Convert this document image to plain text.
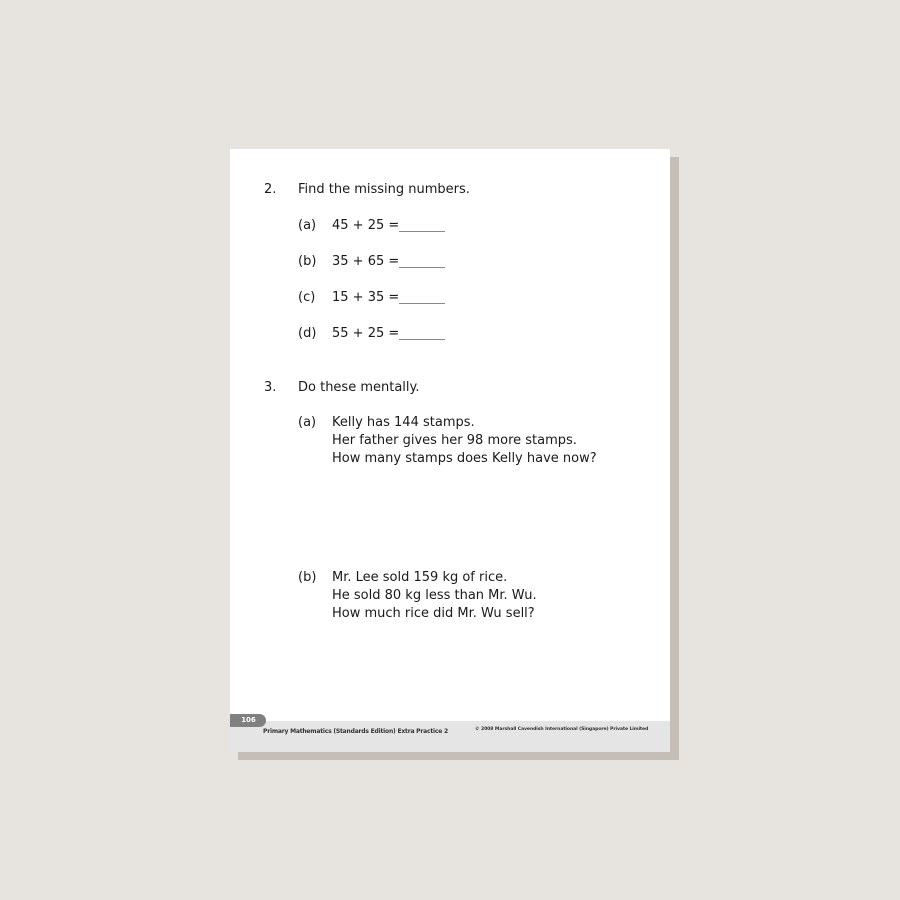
2. Find the missing numbers.
(a) 45 + 25 =
(b) 35 + 65 =
(c) 15 + 35 =
(d) 55 + 25 =
3. Do these mentally.
(a) Kelly has 144 stamps.
Her father gives her 98 more stamps.
How many stamps does Kelly have now?
(b) Mr. Lee sold 159 kg of rice.
He sold 80 kg less than Mr. Wu.
How much rice did Mr. Wu sell?
106
Primary Mathematics (Standards Edition) Extra Practice 2	© 2008 Marshall Cavendish International (Singapore) Private Limited
